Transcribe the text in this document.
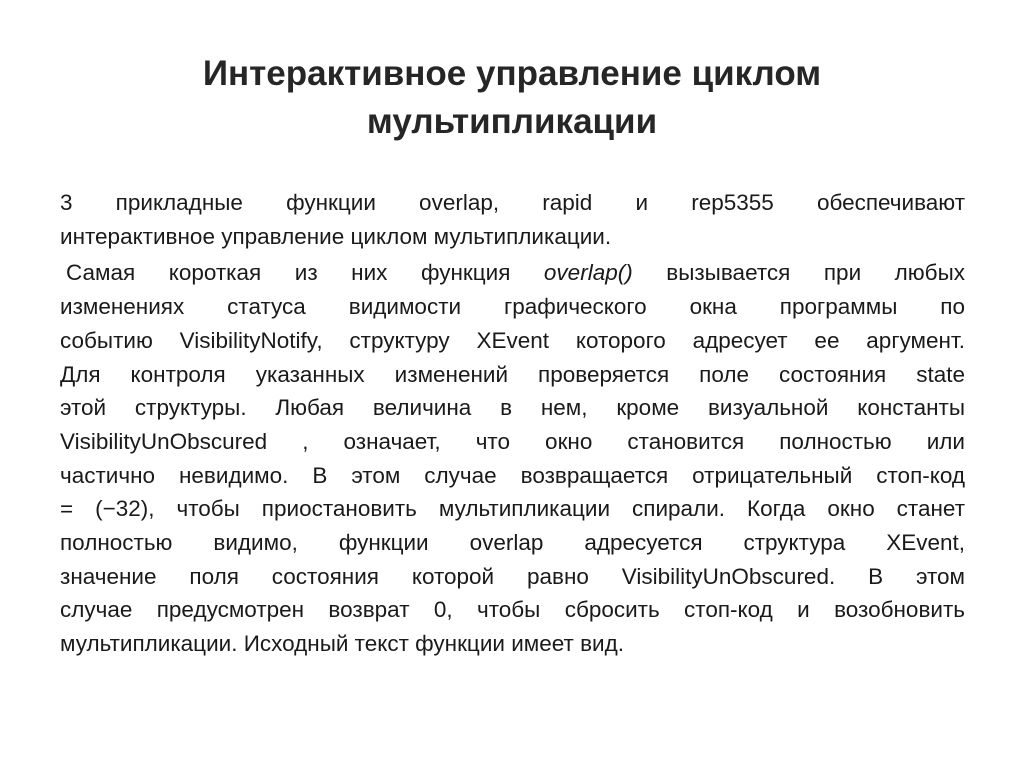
Интерактивное управление циклом
мультипликации

3 прикладные функции overlap, rapid и rep5355 обеспечивают
интерактивное управление циклом мультипликации.

Самая короткая из них функция overlap() вызывается при любых
изменениях статуса видимости графического окна программы по
событию VisibilityNotify, структуру XEvent которого адресует ее аргумент.
Для контроля указанных изменений проверяется поле состояния state
этой структуры. Любая величина в нем, кроме визуальной константы
VisibilityUnObscured , означает, что окно становится полностью или
частично невидимо. В этом случае возвращается отрицательный стоп-код
= (−32), чтобы приостановить мультипликации спирали. Когда окно станет
полностью видимо, функции overlap адресуется структура XEvent,
значение поля состояния которой равно VisibilityUnObscured. В этом
случае предусмотрен возврат 0, чтобы сбросить стоп-код и возобновить
мультипликации. Исходный текст функции имеет вид.
